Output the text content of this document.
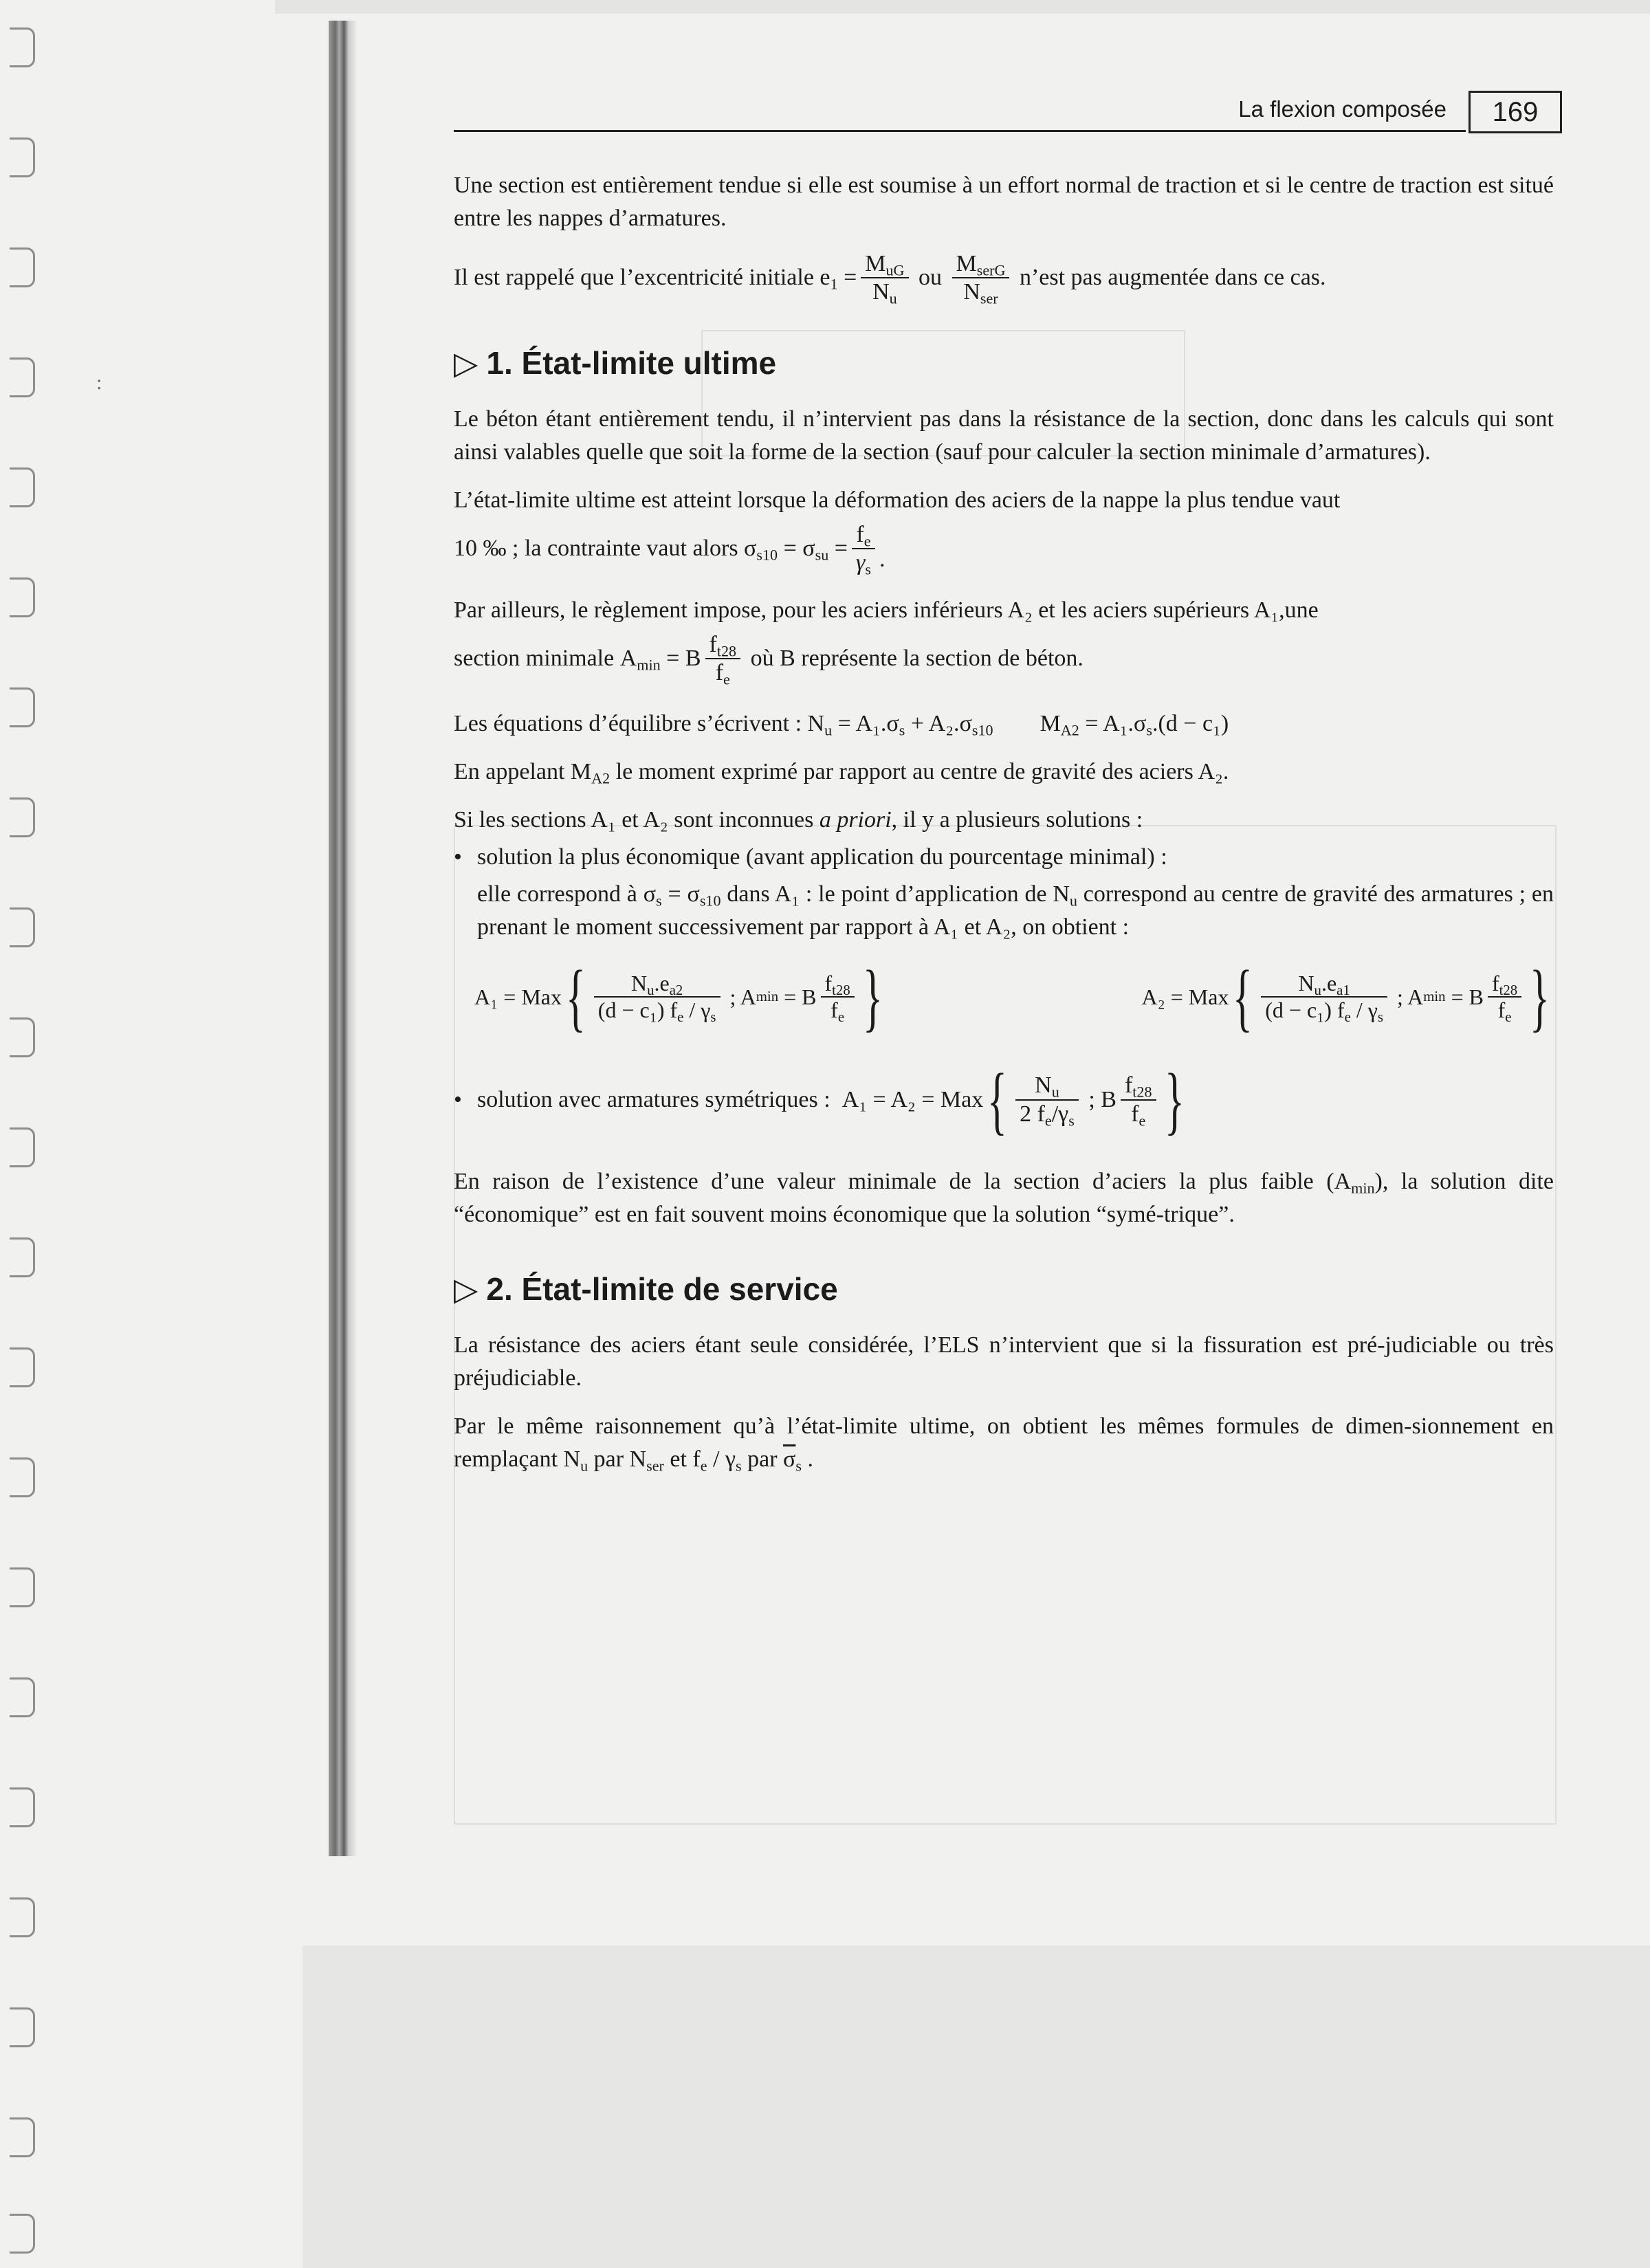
:
La flexion composée	169

Une section est entièrement tendue si elle est soumise à un effort normal de traction et si le centre de traction est situé entre les nappes d’armatures.

Il est rappelé que l’excentricité initiale
$e_1 = \frac{M_{uG}}{N_u}$
ou
$\frac{M_{serG}}{N_{ser}}$
n’est pas augmentée dans ce cas.
▷ 1. État-limite ultime

Le béton étant entièrement tendu, il n’intervient pas dans la résistance de la section, donc dans les calculs qui sont ainsi valables quelle que soit la forme de la section (sauf pour calculer la section minimale d’armatures).

L’état-limite ultime est atteint lorsque la déformation des aciers de la nappe la plus tendue vaut

10 ‰ ; la contrainte vaut alors
$\sigma_{s10} = \sigma_{su} = \frac{f_e}{\gamma_s}$ .

Par ailleurs, le règlement impose, pour les aciers inférieurs A₂ et les aciers supérieurs A₁,une

section minimale
$A_{min} = B \frac{f_{t28}}{f_e}$
où B représente la section de béton.

Les équations d’équilibre s’écrivent : $N_u = A_1.\sigma_s + A_2.\sigma_{s10}$ $M_{A2} = A_1.\sigma_s.(d - c_1)$

En appelant $M_{A2}$ le moment exprimé par rapport au centre de gravité des aciers A₂.

Si les sections A₁ et A₂ sont inconnues a priori, il y a plusieurs solutions :

• solution la plus économique (avant application du pourcentage minimal) :

elle correspond à $\sigma_s = \sigma_{s10}$ dans A₁ : le point d’application de $N_u$ correspond au centre de gravité des armatures ; en prenant le moment successivement par rapport à A₁ et A₂, on obtient :

A₁ = Max { $\frac{N_u.e_{a2}}{(d - c_1) f_e / \gamma_s}$
; A min
= B $\frac{f_{t28}}{f_e}$ }	A₂ = Max { $\frac{N_u.e_{a1}}{(d - c_1) f_e / \gamma_s}$
; A min
= B $\frac{f_{t28}}{f_e}$ }
• solution avec armatures symétriques :
A₁ = A₂ = Max { $\frac{N_u}{2 f_e/\gamma_s}$
; B $\frac{f_{t28}}{f_e}$ }

En raison de l’existence d’une valeur minimale de la section d’aciers la plus faible $(A_{min})$, la solution dite “économique” est en fait souvent moins économique que la solution “symé-trique”.

▷ 2. État-limite de service

La résistance des aciers étant seule considérée, l’ELS n’intervient que si la fissuration est pré-judiciable ou très préjudiciable.

Par le même raisonnement qu’à l’état-limite ultime, on obtient les mêmes formules de dimen-sionnement en remplaçant $N_u$ par $N_{ser}$ et $f_e / \gamma_s$ par $\overline{\sigma}_s$ .
